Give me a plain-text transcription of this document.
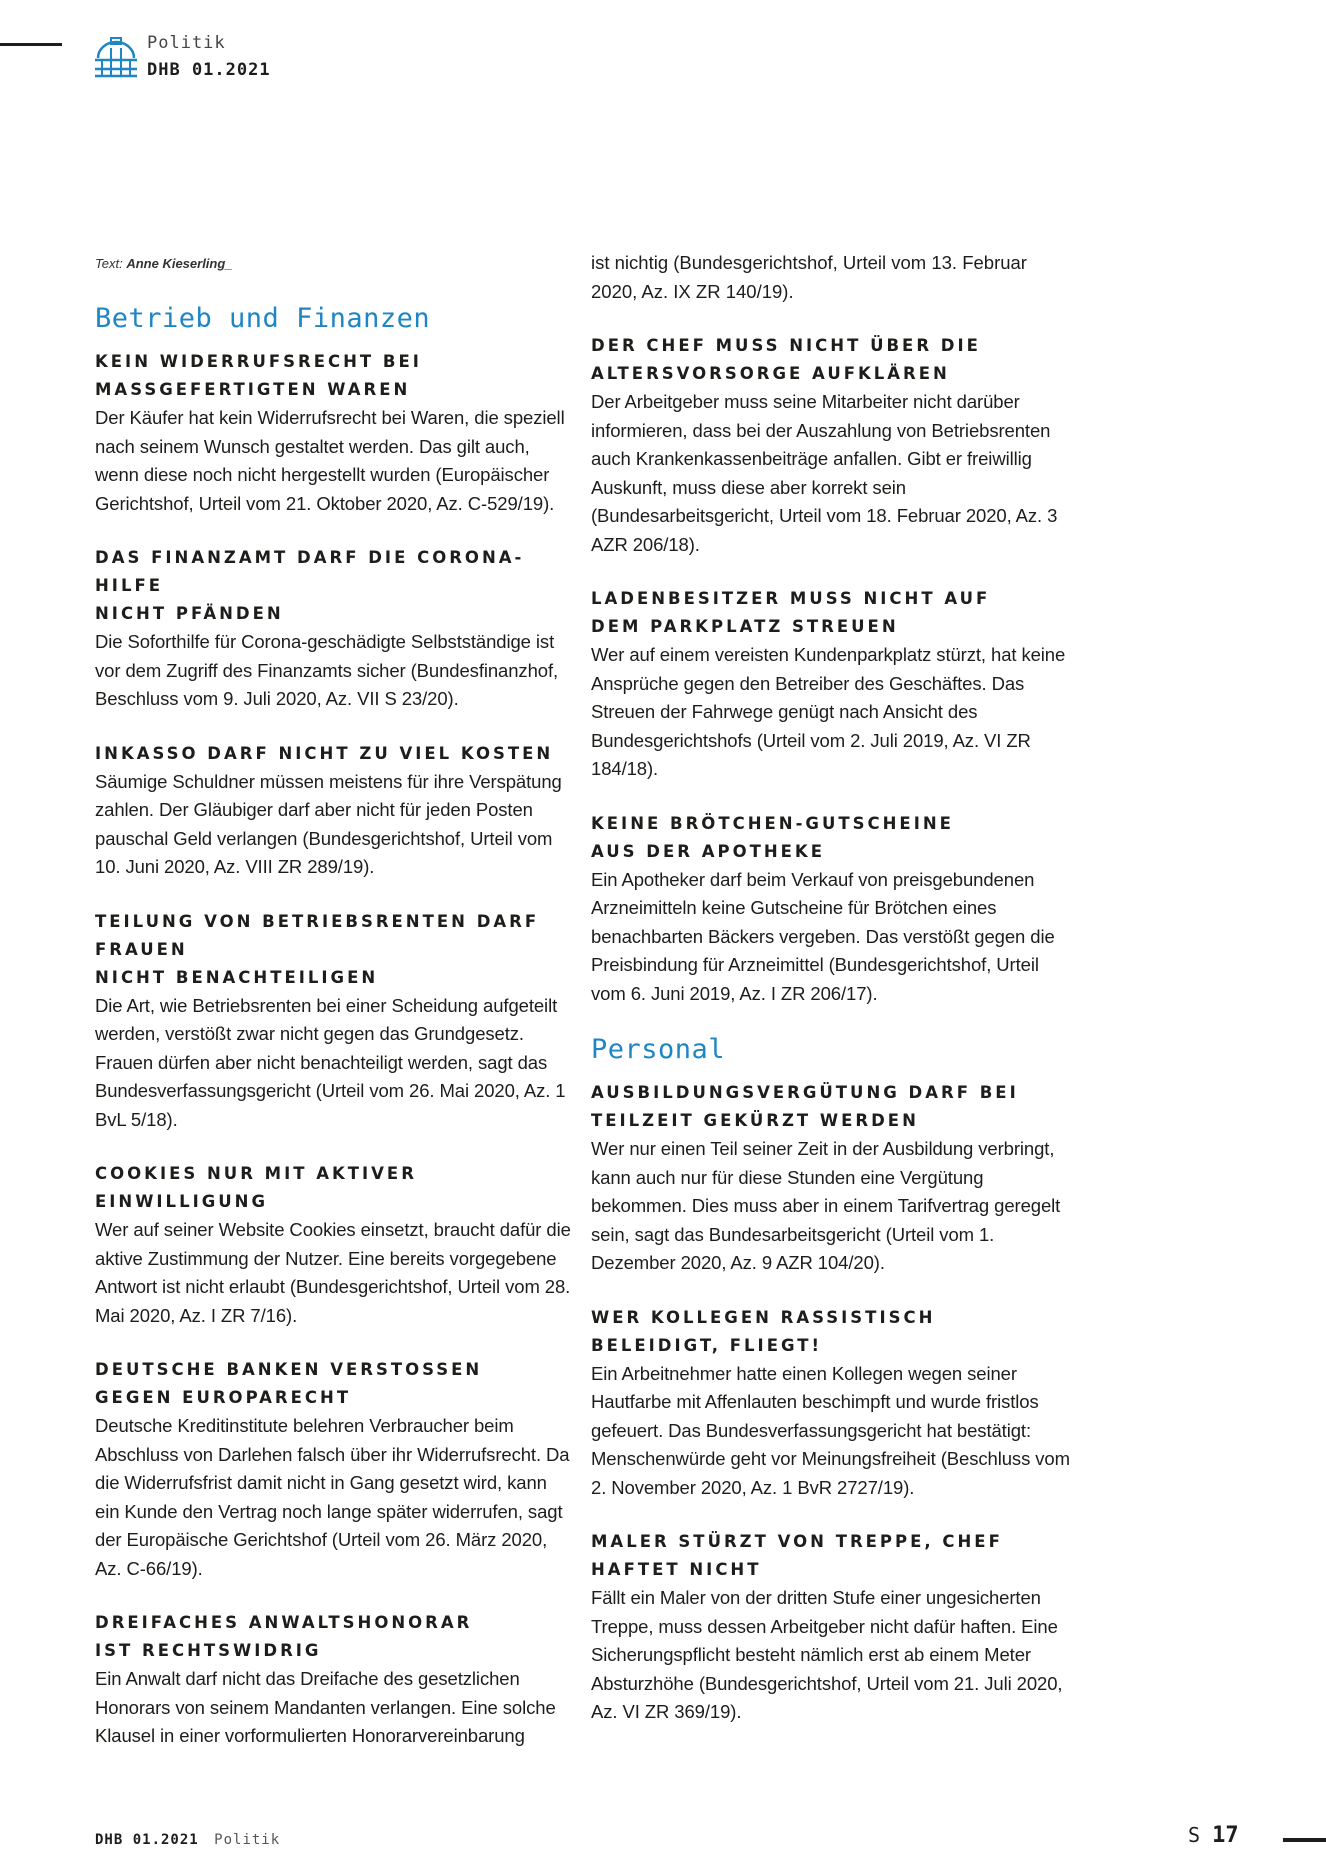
Politik
DHB 01.2021
Text: Anne Kieserling_
Betrieb und Finanzen
KEIN WIDERRUFSRECHT BEI
MASSGEFERTIGTEN WAREN

Der Käufer hat kein Widerrufsrecht bei Waren, die speziell nach seinem Wunsch gestaltet werden. Das gilt auch, wenn diese noch nicht hergestellt wurden (Europäischer Gerichtshof, Urteil vom 21. Oktober 2020, Az. C-529/19).

DAS FINANZAMT DARF DIE CORONA-HILFE
NICHT PFÄNDEN

Die Soforthilfe für Corona-geschädigte Selbstständige ist vor dem Zugriff des Finanzamts sicher (Bundesfinanzhof, Beschluss vom 9. Juli 2020, Az. VII S 23/20).

INKASSO DARF NICHT ZU VIEL KOSTEN

Säumige Schuldner müssen meistens für ihre Verspätung zahlen. Der Gläubiger darf aber nicht für jeden Posten pauschal Geld verlangen (Bundesgerichtshof, Urteil vom 10. Juni 2020, Az. VIII ZR 289/19).

TEILUNG VON BETRIEBSRENTEN DARF FRAUEN
NICHT BENACHTEILIGEN

Die Art, wie Betriebsrenten bei einer Scheidung aufgeteilt werden, verstößt zwar nicht gegen das Grundgesetz. Frauen dürfen aber nicht benachteiligt werden, sagt das Bundesverfassungsgericht (Urteil vom 26. Mai 2020, Az. 1 BvL 5/18).

COOKIES NUR MIT AKTIVER EINWILLIGUNG

Wer auf seiner Website Cookies einsetzt, braucht dafür die aktive Zustimmung der Nutzer. Eine bereits vorgegebene Antwort ist nicht erlaubt (Bundesgerichtshof, Urteil vom 28. Mai 2020, Az. I ZR 7/16).

DEUTSCHE BANKEN VERSTOSSEN
GEGEN EUROPARECHT

Deutsche Kreditinstitute belehren Verbraucher beim Abschluss von Darlehen falsch über ihr Widerrufsrecht. Da die Widerrufsfrist damit nicht in Gang gesetzt wird, kann ein Kunde den Vertrag noch lange später widerrufen, sagt der Europäische Gerichtshof (Urteil vom 26. März 2020, Az. C-66/19).

DREIFACHES ANWALTSHONORAR
IST RECHTSWIDRIG

Ein Anwalt darf nicht das Dreifache des gesetzlichen Honorars von seinem Mandanten verlangen. Eine solche Klausel in einer vorformulierten Honorarvereinbarung

ist nichtig (Bundesgerichtshof, Urteil vom 13. Februar 2020, Az. IX ZR 140/19).

DER CHEF MUSS NICHT ÜBER DIE
ALTERSVORSORGE AUFKLÄREN

Der Arbeitgeber muss seine Mitarbeiter nicht darüber informieren, dass bei der Auszahlung von Betriebsrenten auch Krankenkassenbeiträge anfallen. Gibt er freiwillig Auskunft, muss diese aber korrekt sein (Bundesarbeitsgericht, Urteil vom 18. Februar 2020, Az. 3 AZR 206/18).

LADENBESITZER MUSS NICHT AUF
DEM PARKPLATZ STREUEN

Wer auf einem vereisten Kundenparkplatz stürzt, hat keine Ansprüche gegen den Betreiber des Geschäftes. Das Streuen der Fahrwege genügt nach Ansicht des Bundesgerichtshofs (Urteil vom 2. Juli 2019, Az. VI ZR 184/18).

KEINE BRÖTCHEN-GUTSCHEINE
AUS DER APOTHEKE

Ein Apotheker darf beim Verkauf von preisgebundenen Arzneimitteln keine Gutscheine für Brötchen eines benachbarten Bäckers vergeben. Das verstößt gegen die Preisbindung für Arzneimittel (Bundesgerichtshof, Urteil vom 6. Juni 2019, Az. I ZR 206/17).

Personal
AUSBILDUNGSVERGÜTUNG DARF BEI
TEILZEIT GEKÜRZT WERDEN

Wer nur einen Teil seiner Zeit in der Ausbildung verbringt, kann auch nur für diese Stunden eine Vergütung bekommen. Dies muss aber in einem Tarifvertrag geregelt sein, sagt das Bundesarbeitsgericht (Urteil vom 1. Dezember 2020, Az. 9 AZR 104/20).

WER KOLLEGEN RASSISTISCH BELEIDIGT, FLIEGT!

Ein Arbeitnehmer hatte einen Kollegen wegen seiner Hautfarbe mit Affenlauten beschimpft und wurde fristlos gefeuert. Das Bundesverfassungsgericht hat bestätigt: Menschenwürde geht vor Meinungsfreiheit (Beschluss vom 2. November 2020, Az. 1 BvR 2727/19).

MALER STÜRZT VON TREPPE, CHEF
HAFTET NICHT

Fällt ein Maler von der dritten Stufe einer ungesicherten Treppe, muss dessen Arbeitgeber nicht dafür haften. Eine Sicherungspflicht besteht nämlich erst ab einem Meter Absturzhöhe (Bundesgerichtshof, Urteil vom 21. Juli 2020, Az. VI ZR 369/19).

DHB 01.2021 Politik	S 17
